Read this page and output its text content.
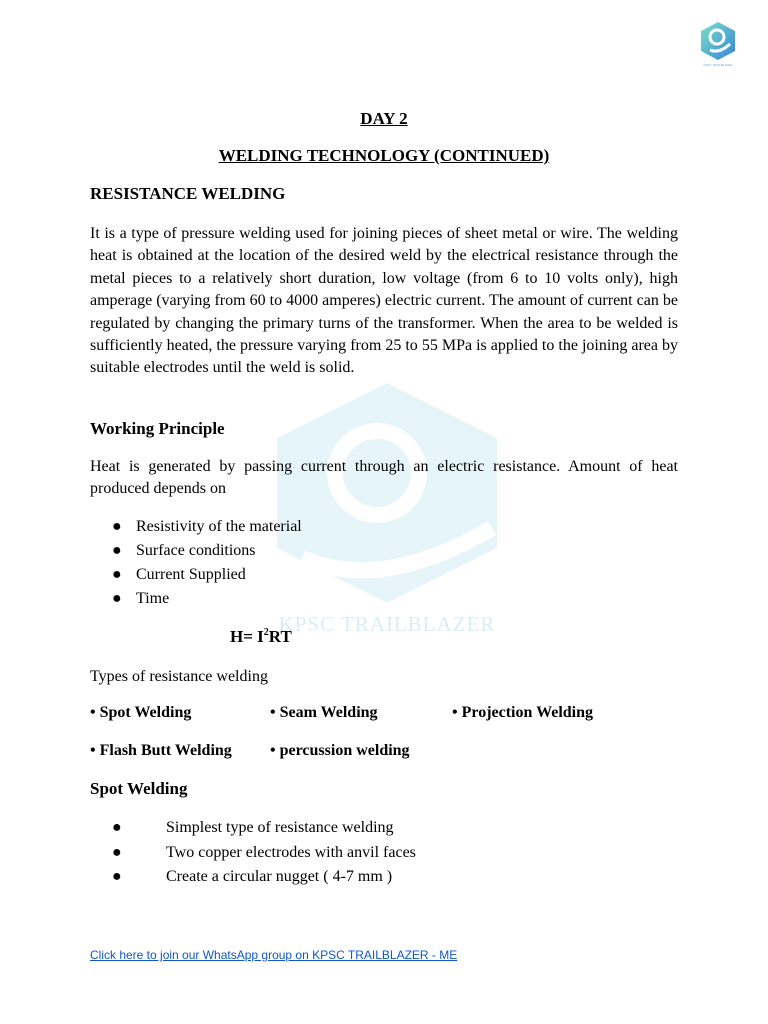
KPSC TRAILBLAZER
KPSC TRAILBLAZER
DAY 2
WELDING TECHNOLOGY (CONTINUED)
RESISTANCE WELDING
It is a type of pressure welding used for joining pieces of sheet metal or wire. The welding heat is obtained at the location of the desired weld by the electrical resistance through the metal pieces to a relatively short duration, low voltage (from 6 to 10 volts only), high amperage (varying from 60 to 4000 amperes) electric current. The amount of current can be regulated by changing the primary turns of the transformer. When the area to be welded is sufficiently heated, the pressure varying from 25 to 55 MPa is applied to the joining area by suitable electrodes until the weld is solid.
Working Principle
Heat is generated by passing current through an electric resistance. Amount of heat produced depends on
● Resistivity of the material
● Surface conditions
● Current Supplied
● Time
$H= I^2RT$
Types of resistance welding
• Spot Welding	• Seam Welding	• Projection Welding
• Flash Butt Welding • percussion welding
Spot Welding
●	Simplest type of resistance welding
●	Two copper electrodes with anvil faces
●	Create a circular nugget ( 4-7 mm )
Click here to join our WhatsApp group on KPSC TRAILBLAZER - ME
